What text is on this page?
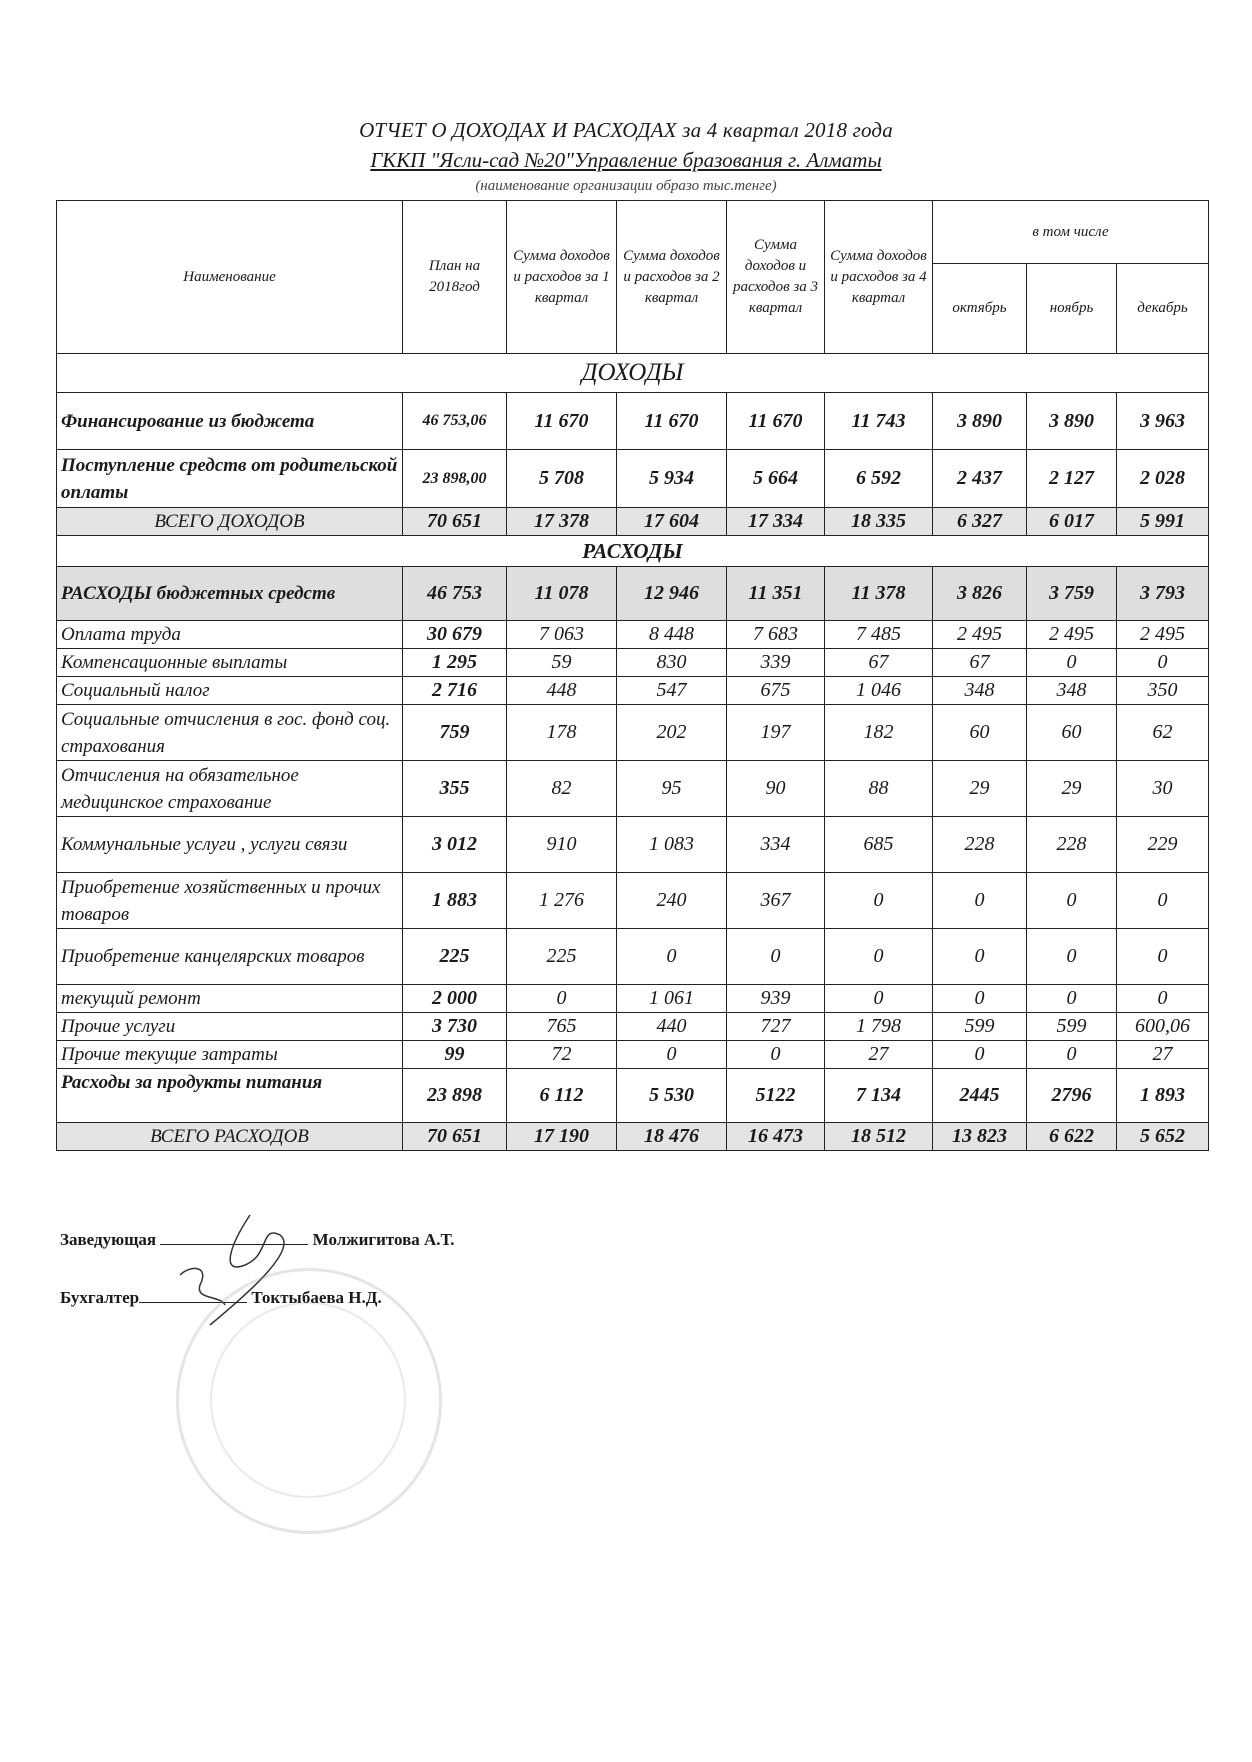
ОТЧЕТ О ДОХОДАХ И РАСХОДАХ за 4 квартал 2018 года
ГККП "Ясли-сад №20"Управление бразования г. Алматы
(наименование организации образо тыс.тенге)
Наименование	План на 2018год	Сумма доходов и расходов за 1 квартал	Сумма доходов и расходов за 2 квартал	Сумма доходов и расходов за 3 квартал	Сумма доходов и расходов за 4 квартал	в том числе		
						октябрь	ноябрь	декабрь
ДОХОДЫ								
Финансирование из бюджета	46 753,06	11 670	11 670	11 670	11 743	3 890	3 890	3 963
Поступление средств от родительской оплаты	23 898,00	5 708	5 934	5 664	6 592	2 437	2 127	2 028
ВСЕГО ДОХОДОВ	70 651	17 378	17 604	17 334	18 335	6 327	6 017	5 991
РАСХОДЫ								
РАСХОДЫ бюджетных средств	46 753	11 078	12 946	11 351	11 378	3 826	3 759	3 793
Оплата труда	30 679	7 063	8 448	7 683	7 485	2 495	2 495	2 495
Компенсационные выплаты	1 295	59	830	339	67	67	0	0
Социальный налог	2 716	448	547	675	1 046	348	348	350
Социальные отчисления в гос. фонд соц. страхования	759	178	202	197	182	60	60	62
Отчисления на обязательное медицинское страхование	355	82	95	90	88	29	29	30
Коммунальные услуги , услуги связи	3 012	910	1 083	334	685	228	228	229
Приобретение хозяйственных и прочих товаров	1 883	1 276	240	367	0	0	0	0
Приобретение канцелярских товаров	225	225	0	0	0	0	0	0
текущий ремонт	2 000	0	1 061	939	0	0	0	0
Прочие услуги	3 730	765	440	727	1 798	599	599	600,06
Прочие текущие затраты	99	72	0	0	27	0	0	27
Расходы за продукты питания	23 898	6 112	5 530	5122	7 134	2445	2796	1 893
ВСЕГО РАСХОДОВ	70 651	17 190	18 476	16 473	18 512	13 823	6 622	5 652
Заведующая	Молжигитова А.Т.
Бухгалтер	Токтыбаева Н.Д.
